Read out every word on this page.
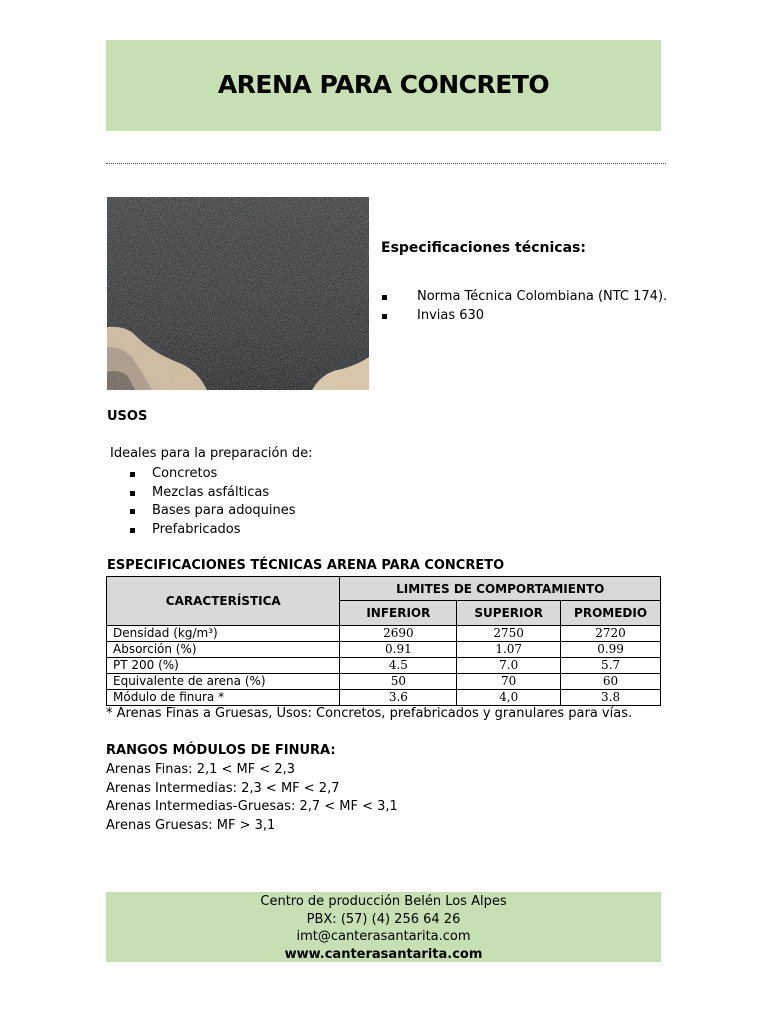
ARENA PARA CONCRETO
Especificaciones técnicas:
Norma Técnica Colombiana (NTC 174).
Invias 630
USOS
Ideales para la preparación de:
Concretos
Mezclas asfálticas
Bases para adoquines
Prefabricados
ESPECIFICACIONES TÉCNICAS ARENA PARA CONCRETO
CARACTERÍSTICA	LIMITES DE COMPORTAMIENTO		
	INFERIOR	SUPERIOR	PROMEDIO
Densidad (kg/m³)	2690	2750	2720
Absorción (%)	0.91	1.07	0.99
PT 200 (%)	4.5	7.0	5.7
Equivalente de arena (%)	50	70	60
Módulo de finura *	3.6	4,0	3.8
* Arenas Finas a Gruesas, Usos: Concretos, prefabricados y granulares para vías.
RANGOS MÓDULOS DE FINURA:
Arenas Finas: 2,1 < MF < 2,3
Arenas Intermedias: 2,3 < MF < 2,7
Arenas Intermedias-Gruesas: 2,7 < MF < 3,1
Arenas Gruesas: MF > 3,1
Centro de producción Belén Los Alpes
PBX: (57) (4) 256 64 26
imt@canterasantarita.com
www.canterasantarita.com
